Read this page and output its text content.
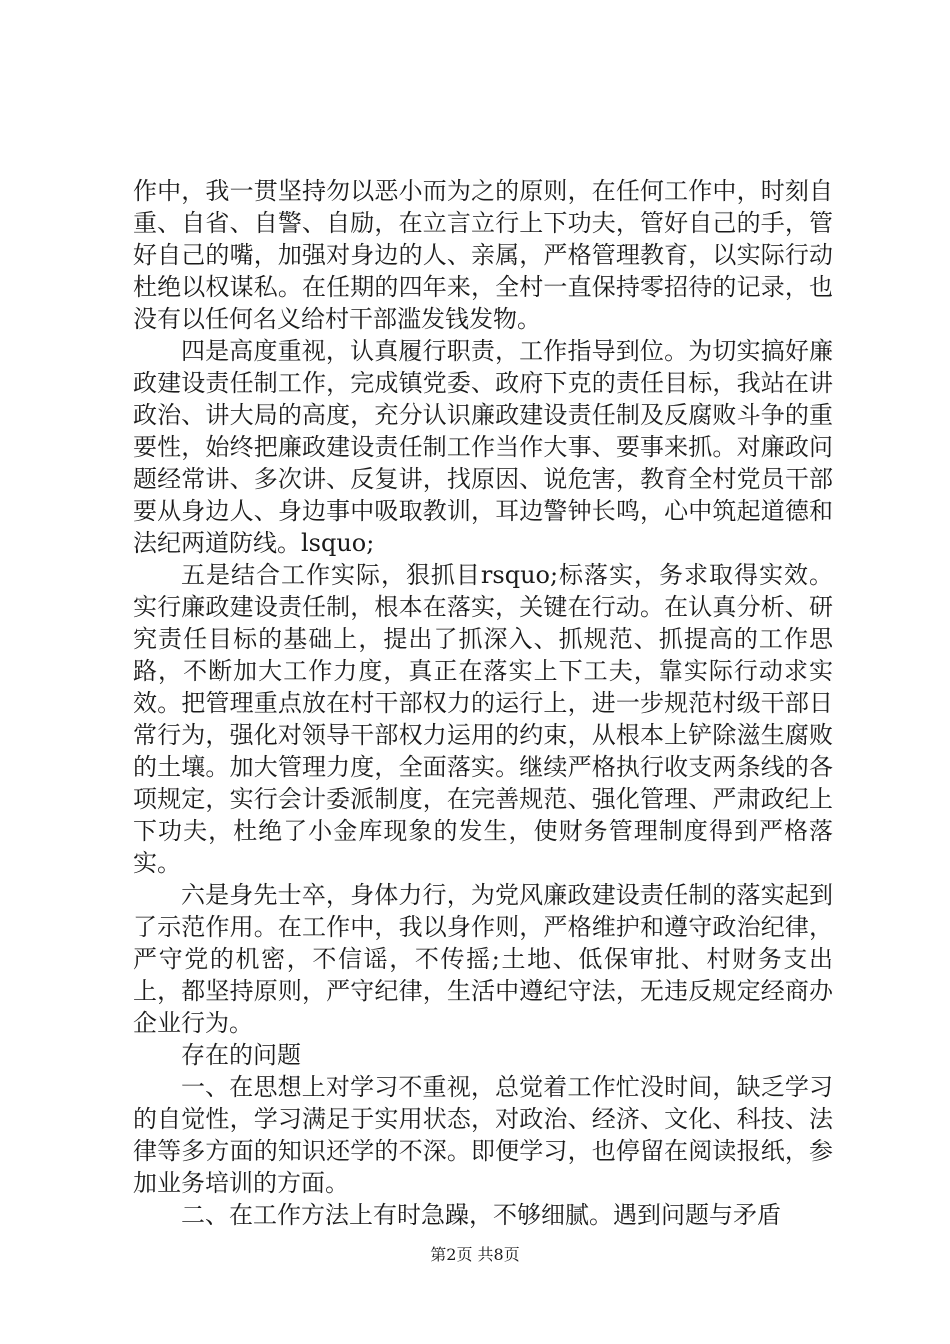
作中，我一贯坚持勿以恶小而为之的原则，在任何工作中，时刻自重、自省、自警、自励，在立言立行上下功夫，管好自己的手，管好自己的嘴，加强对身边的人、亲属，严格管理教育，以实际行动杜绝以权谋私。在任期的四年来，全村一直保持零招待的记录，也没有以任何名义给村干部滥发钱发物。

四是高度重视，认真履行职责，工作指导到位。为切实搞好廉政建设责任制工作，完成镇党委、政府下克的责任目标，我站在讲政治、讲大局的高度，充分认识廉政建设责任制及反腐败斗争的重要性，始终把廉政建设责任制工作当作大事、要事来抓。对廉政问题经常讲、多次讲、反复讲，找原因、说危害，教育全村党员干部要从身边人、身边事中吸取教训，耳边警钟长鸣，心中筑起道德和法纪两道防线。lsquo;

五是结合工作实际，狠抓目rsquo;标落实，务求取得实效。实行廉政建设责任制，根本在落实，关键在行动。在认真分析、研究责任目标的基础上，提出了抓深入、抓规范、抓提高的工作思路，不断加大工作力度，真正在落实上下工夫，靠实际行动求实效。把管理重点放在村干部权力的运行上，进一步规范村级干部日常行为，强化对领导干部权力运用的约束，从根本上铲除滋生腐败的土壤。加大管理力度，全面落实。继续严格执行收支两条线的各项规定，实行会计委派制度，在完善规范、强化管理、严肃政纪上下功夫，杜绝了小金库现象的发生，使财务管理制度得到严格落实。

六是身先士卒，身体力行，为党风廉政建设责任制的落实起到了示范作用。在工作中，我以身作则，严格维护和遵守政治纪律，严守党的机密，不信谣，不传摇;土地、低保审批、村财务支出上，都坚持原则，严守纪律，生活中遵纪守法，无违反规定经商办企业行为。

存在的问题

一、在思想上对学习不重视，总觉着工作忙没时间，缺乏学习的自觉性，学习满足于实用状态，对政治、经济、文化、科技、法律等多方面的知识还学的不深。即便学习，也停留在阅读报纸，参加业务培训的方面。

二、在工作方法上有时急躁，不够细腻。遇到问题与矛盾

第2页 共8页
